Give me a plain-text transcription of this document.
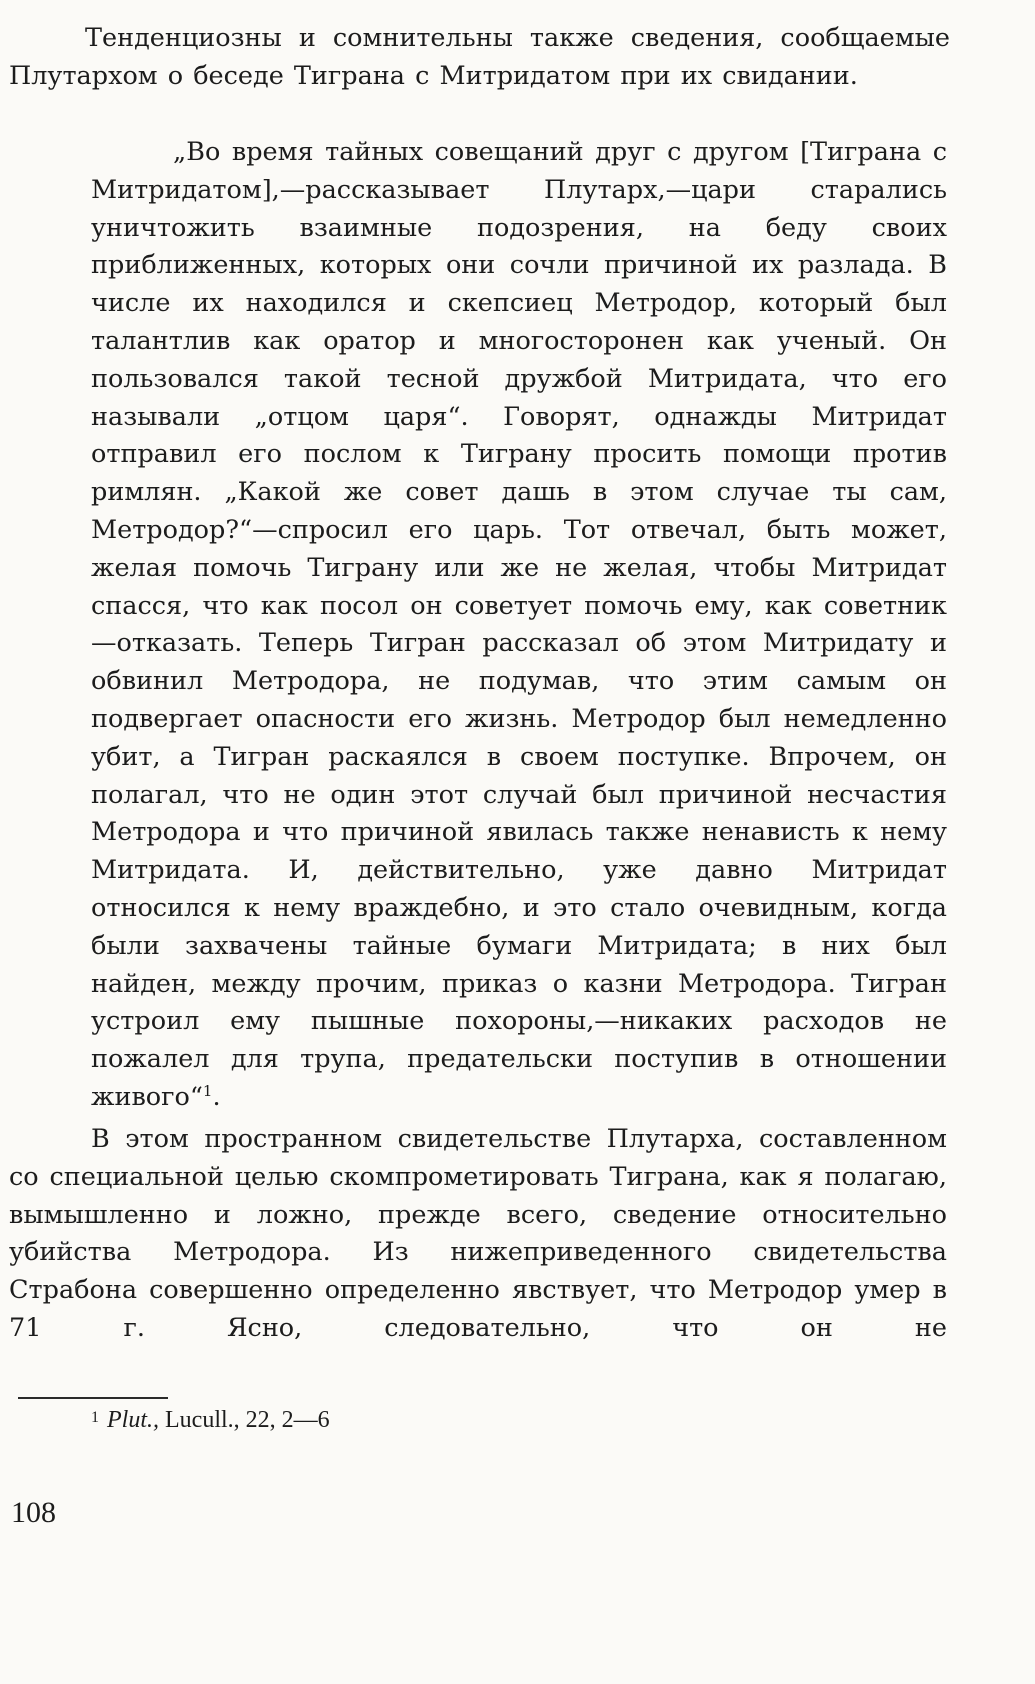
Тенденциозны и сомнительны также сведения, сообщаемые Плутархом о беседе Тиграна с Митридатом при их свидании.

„Во время тайных совещаний друг с другом [Тиграна с Митридатом],—рассказывает Плутарх,—цари старались уничтожить взаимные подозрения, на беду своих приближенных, которых они сочли причиной их разлада. В числе их находился и скепсиец Метродор, который был талантлив как оратор и многосторонен как ученый. Он пользовался такой тесной дружбой Митридата, что его называли „отцом царя“. Говорят, однажды Митридат отправил его послом к Тиграну просить помощи против римлян. „Какой же совет дашь в этом случае ты сам, Метродор?“—спросил его царь. Тот отвечал, быть может, желая помочь Тиграну или же не желая, чтобы Митридат спасся, что как посол он советует помочь ему, как советник—отказать. Теперь Тигран рассказал об этом Митридату и обвинил Метродора, не подумав, что этим самым он подвергает опасности его жизнь. Метродор был немедленно убит, а Тигран раскаялся в своем поступке. Впрочем, он полагал, что не один этот случай был причиной несчастия Метродора и что причиной явилась также ненависть к нему Митридата. И, действительно, уже давно Митридат относился к нему враждебно, и это стало очевидным, когда были захвачены тайные бумаги Митридата; в них был найден, между прочим, приказ о казни Метродора. Тигран устроил ему пышные похороны,—никаких расходов не пожалел для трупа, предательски поступив в отношении живого“$^1$.

В этом пространном свидетельстве Плутарха, составленном со специальной целью скомпрометировать Тиграна, как я полагаю, вымышленно и ложно, прежде всего, сведение относительно убийства Метродора. Из нижеприведенного свидетельства Страбона совершенно определенно явствует, что Метродор умер в 71 г. Ясно, следовательно, что он не

$^1$ Plut., Lucull., 22, 2—6
108
